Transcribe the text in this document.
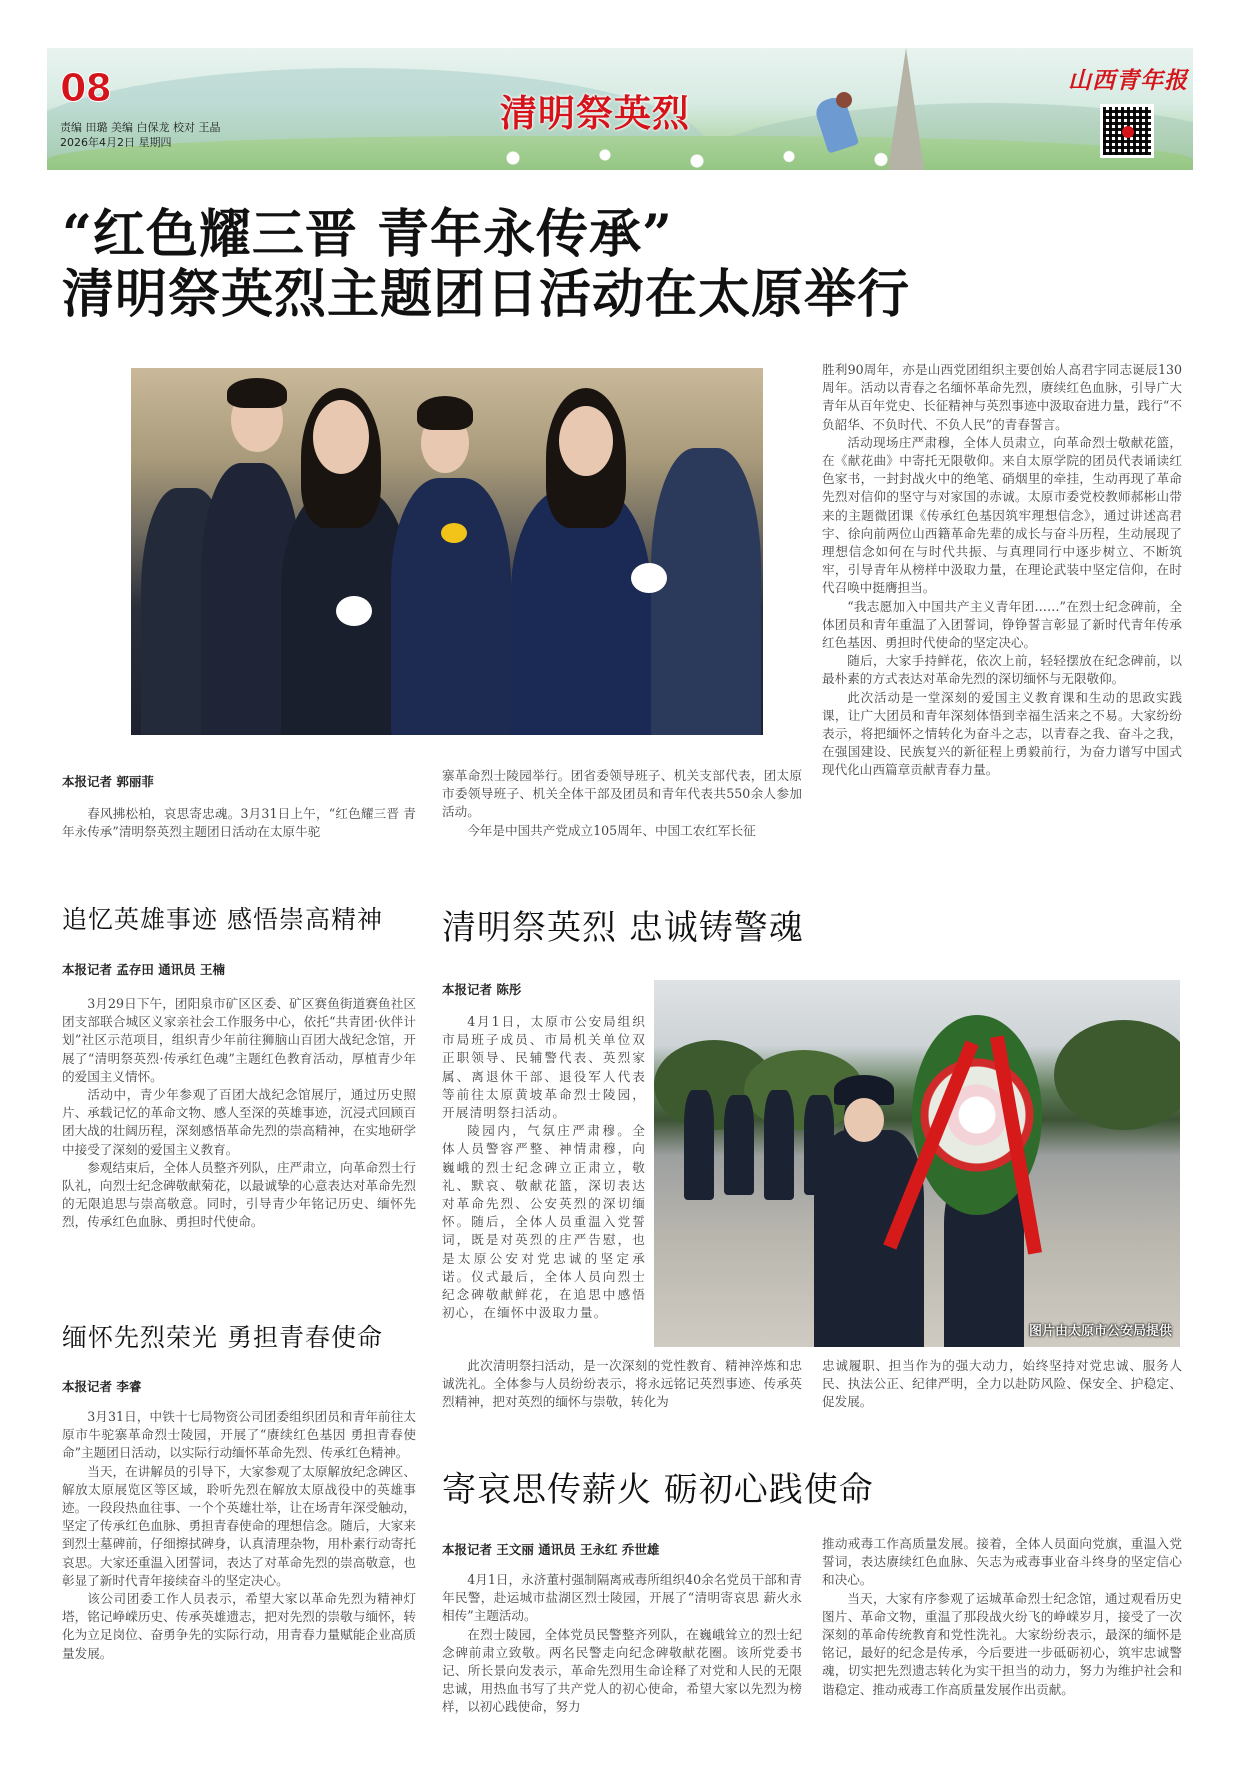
08
责编 田璐 美编 白保龙 校对 王晶
2026年4月2日 星期四
清明祭英烈
山西青年报
“红色耀三晋 青年永传承”
清明祭英烈主题团日活动在太原举行
本报记者 郭丽菲

春风拂松柏，哀思寄忠魂。3月31日上午，“红色耀三晋 青年永传承”清明祭英烈主题团日活动在太原牛驼

寨革命烈士陵园举行。团省委领导班子、机关支部代表，团太原市委领导班子、机关全体干部及团员和青年代表共550余人参加活动。

今年是中国共产党成立105周年、中国工农红军长征

胜利90周年，亦是山西党团组织主要创始人高君宇同志诞辰130周年。活动以青春之名缅怀革命先烈，赓续红色血脉，引导广大青年从百年党史、长征精神与英烈事迹中汲取奋进力量，践行“不负韶华、不负时代、不负人民”的青春誓言。

活动现场庄严肃穆，全体人员肃立，向革命烈士敬献花篮，在《献花曲》中寄托无限敬仰。来自太原学院的团员代表诵读红色家书，一封封战火中的绝笔、硝烟里的牵挂，生动再现了革命先烈对信仰的坚守与对家国的赤诚。太原市委党校教师郝彬山带来的主题微团课《传承红色基因筑牢理想信念》，通过讲述高君宇、徐向前两位山西籍革命先辈的成长与奋斗历程，生动展现了理想信念如何在与时代共振、与真理同行中逐步树立、不断筑牢，引导青年从榜样中汲取力量，在理论武装中坚定信仰，在时代召唤中挺膺担当。

“我志愿加入中国共产主义青年团……”在烈士纪念碑前，全体团员和青年重温了入团誓词，铮铮誓言彰显了新时代青年传承红色基因、勇担时代使命的坚定决心。

随后，大家手持鲜花，依次上前，轻轻摆放在纪念碑前，以最朴素的方式表达对革命先烈的深切缅怀与无限敬仰。

此次活动是一堂深刻的爱国主义教育课和生动的思政实践课，让广大团员和青年深刻体悟到幸福生活来之不易。大家纷纷表示，将把缅怀之情转化为奋斗之志，以青春之我、奋斗之我，在强国建设、民族复兴的新征程上勇毅前行，为奋力谱写中国式现代化山西篇章贡献青春力量。

追忆英雄事迹 感悟崇高精神
本报记者 孟存田 通讯员 王楠

3月29日下午，团阳泉市矿区区委、矿区赛鱼街道赛鱼社区团支部联合城区义家亲社会工作服务中心，依托“共青团·伙伴计划”社区示范项目，组织青少年前往狮脑山百团大战纪念馆，开展了“清明祭英烈·传承红色魂”主题红色教育活动，厚植青少年的爱国主义情怀。

活动中，青少年参观了百团大战纪念馆展厅，通过历史照片、承载记忆的革命文物、感人至深的英雄事迹，沉浸式回顾百团大战的壮阔历程，深刻感悟革命先烈的崇高精神，在实地研学中接受了深刻的爱国主义教育。

参观结束后，全体人员整齐列队，庄严肃立，向革命烈士行队礼，向烈士纪念碑敬献菊花，以最诚挚的心意表达对革命先烈的无限追思与崇高敬意。同时，引导青少年铭记历史、缅怀先烈，传承红色血脉、勇担时代使命。

缅怀先烈荣光 勇担青春使命
本报记者 李睿

3月31日，中铁十七局物资公司团委组织团员和青年前往太原市牛驼寨革命烈士陵园，开展了“赓续红色基因 勇担青春使命”主题团日活动，以实际行动缅怀革命先烈、传承红色精神。

当天，在讲解员的引导下，大家参观了太原解放纪念碑区、解放太原展览区等区域，聆听先烈在解放太原战役中的英雄事迹。一段段热血往事、一个个英雄壮举，让在场青年深受触动，坚定了传承红色血脉、勇担青春使命的理想信念。随后，大家来到烈士墓碑前，仔细擦拭碑身，认真清理杂物，用朴素行动寄托哀思。大家还重温入团誓词，表达了对革命先烈的崇高敬意，也彰显了新时代青年接续奋斗的坚定决心。

该公司团委工作人员表示，希望大家以革命先烈为精神灯塔，铭记峥嵘历史、传承英雄遗志，把对先烈的崇敬与缅怀，转化为立足岗位、奋勇争先的实际行动，用青春力量赋能企业高质量发展。

清明祭英烈 忠诚铸警魂
本报记者 陈彤

4月1日，太原市公安局组织市局班子成员、市局机关单位双正职领导、民辅警代表、英烈家属、离退休干部、退役军人代表等前往太原黄坡革命烈士陵园，开展清明祭扫活动。

陵园内，气氛庄严肃穆。全体人员警容严整、神情肃穆，向巍峨的烈士纪念碑立正肃立，敬礼、默哀、敬献花篮，深切表达对革命先烈、公安英烈的深切缅怀。随后，全体人员重温入党誓词，既是对英烈的庄严告慰，也是太原公安对党忠诚的坚定承诺。仪式最后，全体人员向烈士纪念碑敬献鲜花，在追思中感悟初心，在缅怀中汲取力量。

图片由太原市公安局提供

此次清明祭扫活动，是一次深刻的党性教育、精神淬炼和忠诚洗礼。全体参与人员纷纷表示，将永远铭记英烈事迹、传承英烈精神，把对英烈的缅怀与崇敬，转化为

忠诚履职、担当作为的强大动力，始终坚持对党忠诚、服务人民、执法公正、纪律严明，全力以赴防风险、保安全、护稳定、促发展。

寄哀思传薪火 砺初心践使命
本报记者 王文丽 通讯员 王永红 乔世雄

4月1日，永济董村强制隔离戒毒所组织40余名党员干部和青年民警，赴运城市盐湖区烈士陵园，开展了“清明寄哀思 薪火永相传”主题活动。

在烈士陵园，全体党员民警整齐列队，在巍峨耸立的烈士纪念碑前肃立致敬。两名民警走向纪念碑敬献花圈。该所党委书记、所长景向发表示，革命先烈用生命诠释了对党和人民的无限忠诚，用热血书写了共产党人的初心使命，希望大家以先烈为榜样，以初心践使命，努力

推动戒毒工作高质量发展。接着，全体人员面向党旗，重温入党誓词，表达赓续红色血脉、矢志为戒毒事业奋斗终身的坚定信心和决心。

当天，大家有序参观了运城革命烈士纪念馆，通过观看历史图片、革命文物，重温了那段战火纷飞的峥嵘岁月，接受了一次深刻的革命传统教育和党性洗礼。大家纷纷表示，最深的缅怀是铭记，最好的纪念是传承，今后要进一步砥砺初心，筑牢忠诚警魂，切实把先烈遗志转化为实干担当的动力，努力为维护社会和谐稳定、推动戒毒工作高质量发展作出贡献。
